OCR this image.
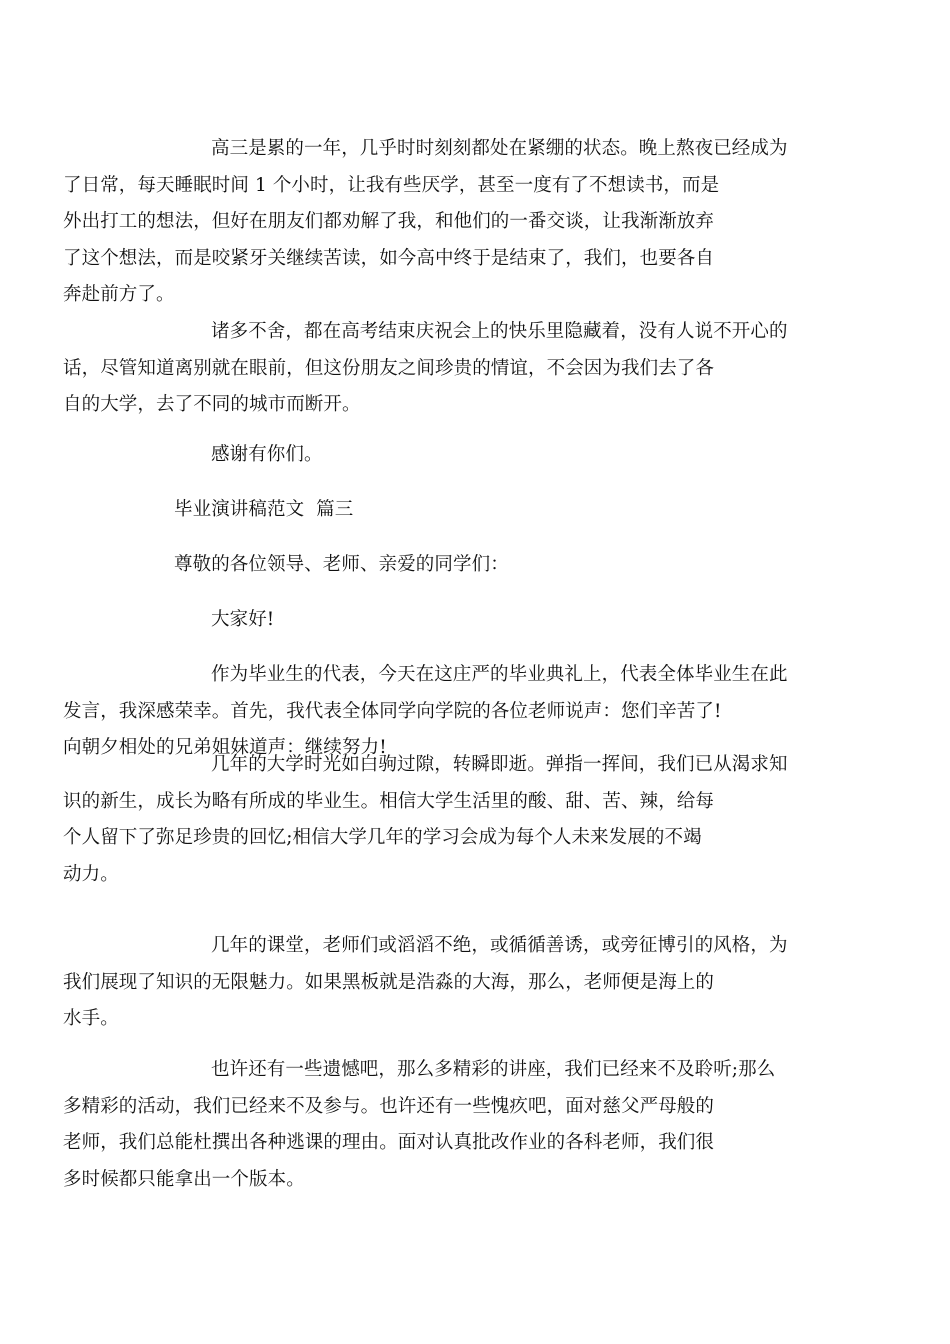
高三是累的一年，几乎时时刻刻都处在紧绷的状态。晚上熬夜已经成为
了日常，每天睡眠时间 1 个小时，让我有些厌学，甚至一度有了不想读书，而是
外出打工的想法，但好在朋友们都劝解了我，和他们的一番交谈，让我渐渐放弃
了这个想法，而是咬紧牙关继续苦读，如今高中终于是结束了，我们，也要各自
奔赴前方了。

诸多不舍，都在高考结束庆祝会上的快乐里隐藏着，没有人说不开心的
话，尽管知道离别就在眼前，但这份朋友之间珍贵的情谊，不会因为我们去了各
自的大学，去了不同的城市而断开。

感谢有你们。

毕业演讲稿范文  篇三

尊敬的各位领导、老师、亲爱的同学们：

大家好!

作为毕业生的代表，今天在这庄严的毕业典礼上，代表全体毕业生在此
发言，我深感荣幸。首先，我代表全体同学向学院的各位老师说声：您们辛苦了!
向朝夕相处的兄弟姐妹道声：继续努力!

几年的大学时光如白驹过隙，转瞬即逝。弹指一挥间，我们已从渴求知
识的新生，成长为略有所成的毕业生。相信大学生活里的酸、甜、苦、辣，给每
个人留下了弥足珍贵的回忆;相信大学几年的学习会成为每个人未来发展的不竭
动力。

几年的课堂，老师们或滔滔不绝，或循循善诱，或旁征博引的风格，为
我们展现了知识的无限魅力。如果黑板就是浩淼的大海，那么，老师便是海上的
水手。

也许还有一些遗憾吧，那么多精彩的讲座，我们已经来不及聆听;那么
多精彩的活动，我们已经来不及参与。也许还有一些愧疚吧，面对慈父严母般的
老师，我们总能杜撰出各种逃课的理由。面对认真批改作业的各科老师，我们很
多时候都只能拿出一个版本。
